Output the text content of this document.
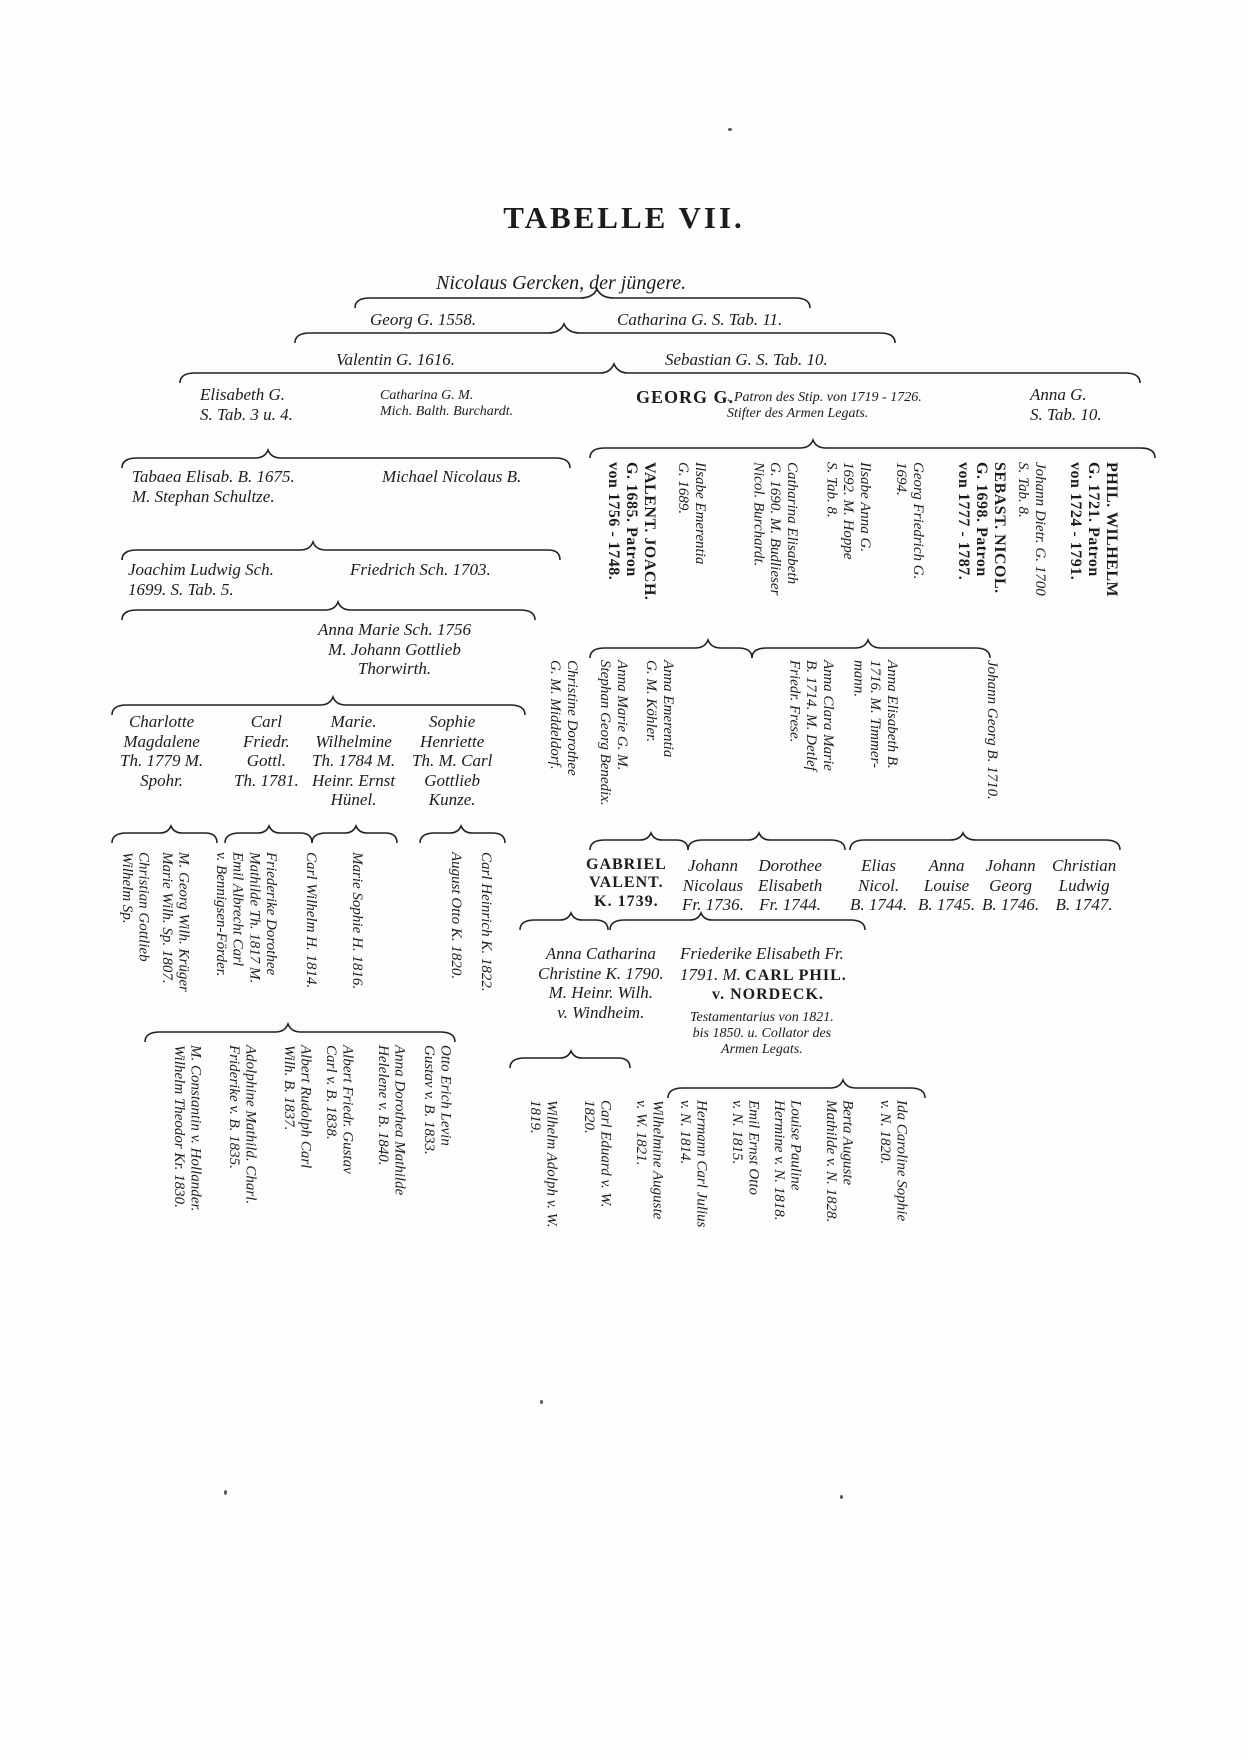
TABELLE VII.
Nicolaus Gercken, der jüngere.
Georg G. 1558.	Catharina G. S. Tab. 11.
Valentin G. 1616.	Sebastian G. S. Tab. 10.
Elisabeth G.
S. Tab. 3 u. 4.
Catharina G. M.
Mich. Balth. Burchardt.
GEORG G.
. Patron des Stip. von 1719 - 1726.
Stifter des Armen Legats.
Anna G.
S. Tab. 10.
Tabaea Elisab. B. 1675.
M. Stephan Schultze.
Michael Nicolaus B.
Joachim Ludwig Sch.
1699. S. Tab. 5.
Friedrich Sch. 1703.
Anna Marie Sch. 1756
M. Johann Gottlieb
Thorwirth.
Charlotte
Magdalene
Th. 1779 M.
Spohr.
Carl
Friedr.
Gottl.
Th. 1781.
Marie.
Wilhelmine
Th. 1784 M.
Heinr. Ernst
Hünel.
Sophie
Henriette
Th. M. Carl
Gottlieb
Kunze.
PHIL. WILHELM
G. 1721. Patron
von 1724 - 1791.
Johann Dietr. G. 1700
S. Tab. 8.
SEBAST. NICOL.
G. 1698. Patron
von 1777 - 1787.
Georg Friedrich G.
1694.
Ilsabe Anna G.
1692. M. Hoppe
S. Tab. 8.
Catharina Elisabeth
G. 1690. M. Budlieser
Nicol. Burchardt.
Ilsabe Emerentia
G. 1689.
VALENT. JOACH.
G. 1685. Patron
von 1756 - 1748.
Anna Emerentia
G. M. Köhler.
Anna Marie G. M.
Stephan Georg Benedix.
Christine Dorothee
G. M. Middeldorf.
Anna Clara Marie
B. 1714. M. Detlef
Friedr. Frese.
Anna Elisabeth B.
1716. M. Timmer-
mann.	Johann Georg B. 1710.
Marie Sophie H. 1816.
Carl Wilhelm H. 1814.
Friederike Dorothee
Mathilde Th. 1817 M.
Emil Albrecht Carl
v. Bennigsen-Förder.
M. Georg Wilh. Krüger
Marie Wilh. Sp. 1807.
Christian Gottlieb
Wilhelm Sp.	August Otto K. 1820. Carl Heinrich K. 1822.	GABRIEL
VALENT.
K. 1739.
Johann
Nicolaus
Fr. 1736.
Dorothee
Elisabeth
Fr. 1744.
Elias
Nicol.
B. 1744.
Anna
Louise
B. 1745.
Johann
Georg
B. 1746.
Christian
Ludwig
B. 1747.
Anna Catharina
Christine K. 1790.
M. Heinr. Wilh.
v. Windheim.
Friederike Elisabeth Fr.
1791. M. CARL PHIL.
v. NORDECK.
Testamentarius von 1821.
bis 1850. u. Collator des
Armen Legats.
Otto Erich Levin
Gustav v. B. 1833.
Anna Dorothea Mathilde
Helelene v. B. 1840.
Albert Friedr. Gustav
Carl v. B. 1838.
Albert Rudolph Carl
Wilh. B. 1837.
Adolphine Mathild. Charl.
Friderike v. B. 1835.
M. Constantin v. Hollander.
Wilhelm Theodor Kr. 1830.
Wilhelmine Auguste
v. W. 1821.
Carl Eduard v. W.
1820.
Wilhelm Adolph v. W.
1819.	Ida Caroline Sophie
v. N. 1820.
Berta Auguste
Mathilde v. N. 1828.
Louise Pauline
Hermine v. N. 1818.
Emil Ernst Otto
v. N. 1815.
Hermann Carl Julius
v. N. 1814.
